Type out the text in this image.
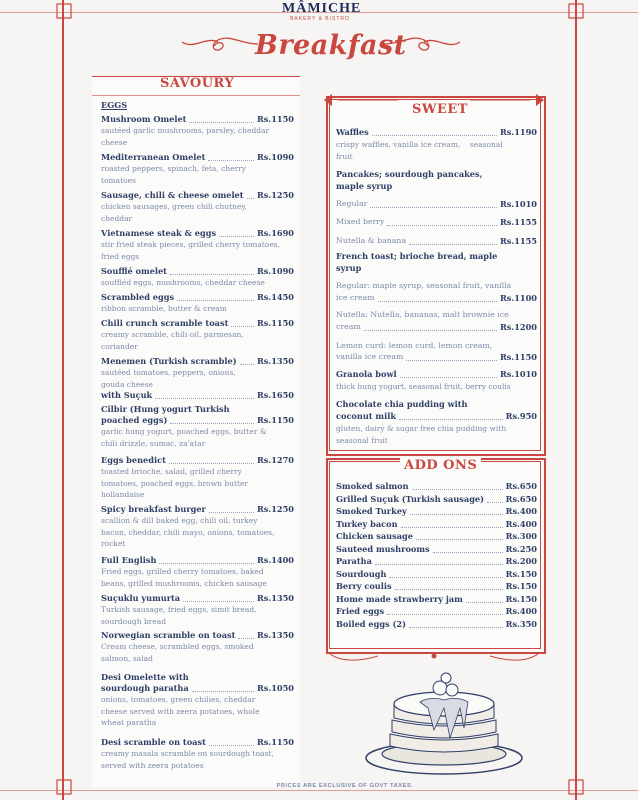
MÂMICHE
BAKERY & BISTRO
Breakfast
SAVOURY
EGGS	SWEET
ADD ONS
PRICES ARE EXCLUSIVE OF GOVT TAXES.
Mushroom Omelet	Rs.1150
sautéed garlic mushrooms, parsley, cheddar
cheese
Mediterranean Omelet	Rs.1090
roasted peppers, spinach, feta, cherry
tomatoes
Sausage, chili & cheese omelet Rs.1250
chicken sausages, green chili chutney,
cheddar
Vietnamese steak & eggs	Rs.1690
stir fried steak pieces, grilled cherry tomatoes,
fried eggs
Soufflé omelet	Rs.1090
souffléd eggs, mushrooms, cheddar cheese
Scrambled eggs	Rs.1450
ribbon scramble, butter & cream
Chili crunch scramble toast	Rs.1150
creamy scramble, chili oil, parmesan,
coriander
Menemen (Turkish scramble) Rs.1350
sautéed tomatoes, peppers, onions,
gouda cheese
with Suçuk	Rs.1650
Cilbir (Hung yogurt Turkish
poached eggs)	Rs.1150
garlic hung yogurt, poached eggs, butter &
chili drizzle, sumac, za'atar
Eggs benedict	Rs.1270
toasted brioche, salad, grilled cherry
tomatoes, poached eggs, brown butter
hollandaise
Spicy breakfast burger	Rs.1250
scallion & dill baked egg, chili oil, turkey
bacon, cheddar, chili mayo, onions, tomatoes,
rocket
Full English	Rs.1400
Fried eggs, grilled cherry tomatoes, baked
beans, grilled mushrooms, chicken sausage
Suçuklu yumurta	Rs.1350
Turkish sausage, fried eggs, simit bread,
sourdough bread
Norwegian scramble on toast	Rs.1350
Cream cheese, scrambled eggs, smoked
salmon, salad
Desi Omelette with
sourdough paratha	Rs.1050
onions, tomatoes, green chilies, cheddar
cheese served with zeera potatoes, whole
wheat paratha
Desi scramble on toast	Rs.1150
creamy masala scramble on sourdough toast,
served with zeera potatoes
Waffles	Rs.1190
crispy waffles, vanilla ice cream,    seasonal
fruit
Pancakes; sourdough pancakes,
maple syrup
Regular	Rs.1010
Mixed berry	Rs.1155
Nutella & banana	Rs.1155
French toast; brioche bread, maple
syrup
Regular: maple syrup, seasonal fruit, vanilla
ice cream	Rs.1100
Nutella: Nutella, bananas, malt brownie ice
cream	Rs.1200
Lemon curd: lemon curd, lemon cream,
vanilla ice cream	Rs.1150
Granola bowl	Rs.1010
thick hung yogurt, seasonal fruit, berry coulis
Chocolate chia pudding with
coconut milk	Rs.950
gluten, dairy & sugar free chia pudding with
seasonal fruit
Smoked salmon	Rs.650
Grilled Suçuk (Turkish sausage)	Rs.650
Smoked Turkey	Rs.400
Turkey bacon	Rs.400
Chicken sausage	Rs.300
Sauteed mushrooms	Rs.250
Paratha	Rs.200
Sourdough	Rs.150
Berry coulis	Rs.150
Home made strawberry jam	Rs.150
Fried eggs	Rs.400
Boiled eggs (2)	Rs.350
